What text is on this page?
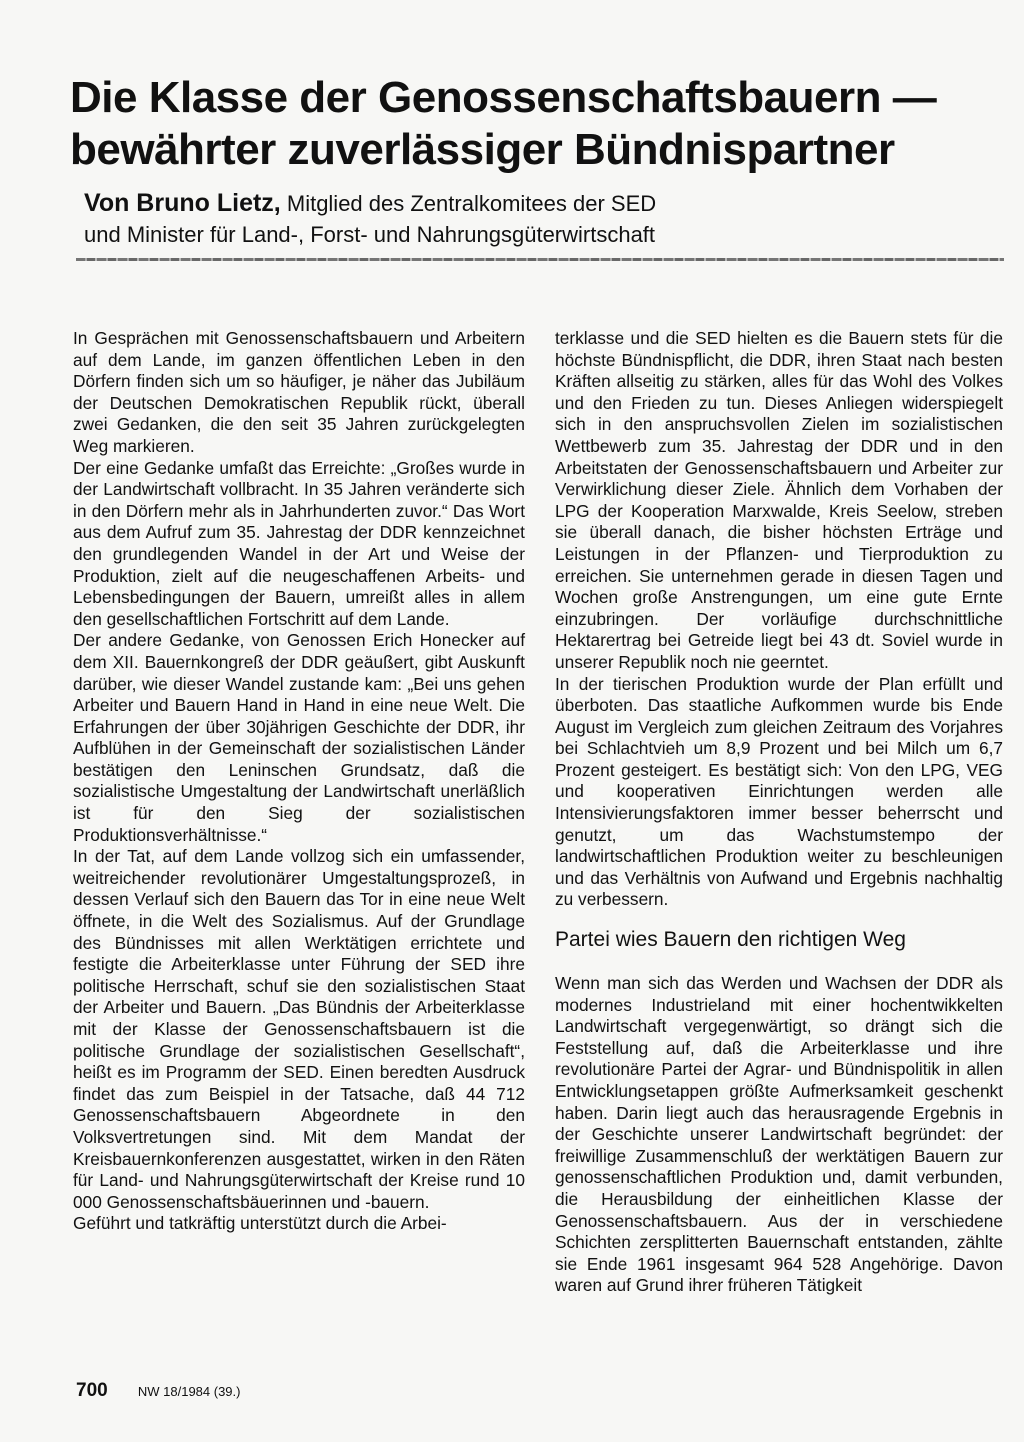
Die Klasse der Genossenschaftsbauern —
bewährter zuverlässiger Bündnispartner
Von Bruno Lietz, Mitglied des Zentralkomitees der SED
und Minister für Land-, Forst- und Nahrungsgüterwirtschaft

In Gesprächen mit Genossenschaftsbauern und Arbeitern auf dem Lande, im ganzen öffentlichen Leben in den Dörfern finden sich um so häufiger, je näher das Jubiläum der Deutschen Demokratischen Republik rückt, überall zwei Gedanken, die den seit 35 Jahren zurückgelegten Weg markieren.

Der eine Gedanke umfaßt das Erreichte: „Großes wurde in der Landwirtschaft vollbracht. In 35 Jahren veränderte sich in den Dörfern mehr als in Jahrhunderten zuvor.“ Das Wort aus dem Aufruf zum 35. Jahrestag der DDR kennzeichnet den grundlegenden Wandel in der Art und Weise der Produktion, zielt auf die neugeschaffenen Arbeits- und Lebensbedingungen der Bauern, umreißt alles in allem den gesellschaftlichen Fortschritt auf dem Lande.

Der andere Gedanke, von Genossen Erich Honecker auf dem XII. Bauernkongreß der DDR geäußert, gibt Auskunft darüber, wie dieser Wandel zustande kam: „Bei uns gehen Arbeiter und Bauern Hand in Hand in eine neue Welt. Die Erfahrungen der über 30jährigen Geschichte der DDR, ihr Aufblühen in der Gemeinschaft der sozialistischen Länder bestätigen den Leninschen Grundsatz, daß die sozialistische Umgestaltung der Landwirtschaft unerläßlich ist für den Sieg der sozialistischen Produktionsverhältnisse.“

In der Tat, auf dem Lande vollzog sich ein umfassender, weitreichender revolutionärer Umgestaltungsprozeß, in dessen Verlauf sich den Bauern das Tor in eine neue Welt öffnete, in die Welt des Sozialismus. Auf der Grundlage des Bündnisses mit allen Werktätigen errichtete und festigte die Arbeiterklasse unter Führung der SED ihre politische Herrschaft, schuf sie den sozialistischen Staat der Arbeiter und Bauern. „Das Bündnis der Arbeiterklasse mit der Klasse der Genossenschaftsbauern ist die politische Grundlage der sozialistischen Gesellschaft“, heißt es im Programm der SED. Einen beredten Ausdruck findet das zum Beispiel in der Tatsache, daß 44 712 Genossenschaftsbauern Abgeordnete in den Volksvertretungen sind. Mit dem Mandat der Kreisbauernkonferenzen ausgestattet, wirken in den Räten für Land- und Nahrungsgüterwirtschaft der Kreise rund 10 000 Genossenschaftsbäuerinnen und -bauern.

Geführt und tatkräftig unterstützt durch die Arbei-

terklasse und die SED hielten es die Bauern stets für die höchste Bündnispflicht, die DDR, ihren Staat nach besten Kräften allseitig zu stärken, alles für das Wohl des Volkes und den Frieden zu tun. Dieses Anliegen widerspiegelt sich in den anspruchsvollen Zielen im sozialistischen Wettbewerb zum 35. Jahrestag der DDR und in den Arbeitstaten der Genossenschaftsbauern und Arbeiter zur Verwirklichung dieser Ziele. Ähnlich dem Vorhaben der LPG der Kooperation Marxwalde, Kreis Seelow, streben sie überall danach, die bisher höchsten Erträge und Leistungen in der Pflanzen- und Tierproduktion zu erreichen. Sie unternehmen gerade in diesen Tagen und Wochen große Anstrengungen, um eine gute Ernte einzubringen. Der vorläufige durchschnittliche Hektarertrag bei Getreide liegt bei 43 dt. Soviel wurde in unserer Republik noch nie geerntet.

In der tierischen Produktion wurde der Plan erfüllt und überboten. Das staatliche Aufkommen wurde bis Ende August im Vergleich zum gleichen Zeitraum des Vorjahres bei Schlachtvieh um 8,9 Prozent und bei Milch um 6,7 Prozent gesteigert. Es bestätigt sich: Von den LPG, VEG und kooperativen Einrichtungen werden alle Intensivierungsfaktoren immer besser beherrscht und genutzt, um das Wachstumstempo der landwirtschaftlichen Produktion weiter zu beschleunigen und das Verhältnis von Aufwand und Ergebnis nachhaltig zu verbessern.

Partei wies Bauern den richtigen Weg

Wenn man sich das Werden und Wachsen der DDR als modernes Industrieland mit einer hochentwikkelten Landwirtschaft vergegenwärtigt, so drängt sich die Feststellung auf, daß die Arbeiterklasse und ihre revolutionäre Partei der Agrar- und Bündnispolitik in allen Entwicklungsetappen größte Aufmerksamkeit geschenkt haben. Darin liegt auch das herausragende Ergebnis in der Geschichte unserer Landwirtschaft begründet: der freiwillige Zusammenschluß der werktätigen Bauern zur genossenschaftlichen Produktion und, damit verbunden, die Herausbildung der einheitlichen Klasse der Genossenschaftsbauern. Aus der in verschiedene Schichten zersplitterten Bauernschaft entstanden, zählte sie Ende 1961 insgesamt 964 528 Angehörige. Davon waren auf Grund ihrer früheren Tätigkeit

700 NW 18/1984 (39.)
